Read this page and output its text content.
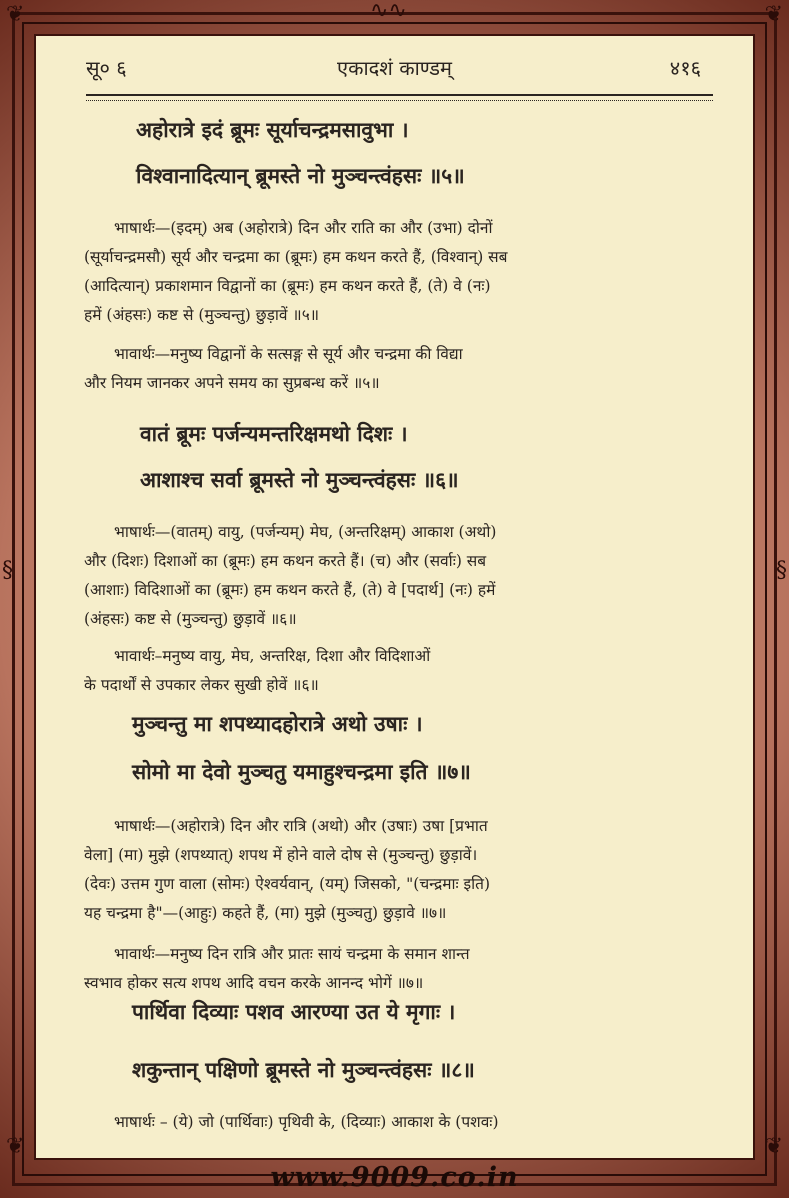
❦	❦
❦	❦
∿∿
§	§
सू० ६	एकादशं काण्डम्	४१६
अहोरात्रे इदं ब्रूमः सूर्याचन्द्रमसावुभा ।
विश्वानादित्यान् ब्रूमस्ते नो मुञ्चन्त्वंहसः ॥५॥
भाषार्थः—(इदम्) अब (अहोरात्रे) दिन और राति का और (उभा) दोनों
(सूर्याचन्द्रमसौ) सूर्य और चन्द्रमा का (ब्रूमः) हम कथन करते हैं, (विश्वान्) सब
(आदित्यान्) प्रकाशमान विद्वानों का (ब्रूमः) हम कथन करते हैं, (ते) वे (नः)
हमें (अंहसः) कष्ट से (मुञ्चन्तु) छुड़ावें ॥५॥
भावार्थः—मनुष्य विद्वानों के सत्सङ्ग से सूर्य और चन्द्रमा की विद्या
और नियम जानकर अपने समय का सुप्रबन्ध करें ॥५॥
वातं ब्रूमः पर्जन्यमन्तरिक्षमथो दिशः ।
आशाश्च सर्वा ब्रूमस्ते नो मुञ्चन्त्वंहसः ॥६॥
भाषार्थः—(वातम्) वायु, (पर्जन्यम्) मेघ, (अन्तरिक्षम्) आकाश (अथो)
और (दिशः) दिशाओं का (ब्रूमः) हम कथन करते हैं। (च) और (सर्वाः) सब
(आशाः) विदिशाओं का (ब्रूमः) हम कथन करते हैं, (ते) वे [पदार्थ] (नः) हमें
(अंहसः) कष्ट से (मुञ्चन्तु) छुड़ावें ॥६॥
भावार्थः–मनुष्य वायु, मेघ, अन्तरिक्ष, दिशा और विदिशाओं
के पदार्थों से उपकार लेकर सुखी होवें ॥६॥
मुञ्चन्तु मा शपथ्यादहोरात्रे अथो उषाः ।
सोमो मा देवो मुञ्चतु यमाहुश्चन्द्रमा इति ॥७॥
भाषार्थः—(अहोरात्रे) दिन और रात्रि (अथो) और (उषाः) उषा [प्रभात
वेला] (मा) मुझे (शपथ्यात्) शपथ में होने वाले दोष से (मुञ्चन्तु) छुड़ावें।
(देवः) उत्तम गुण वाला (सोमः) ऐश्वर्यवान्, (यम्) जिसको, "(चन्द्रमाः इति)
यह चन्द्रमा है"—(आहुः) कहते हैं, (मा) मुझे (मुञ्चतु) छुड़ावे ॥७॥
भावार्थः—मनुष्य दिन रात्रि और प्रातः सायं चन्द्रमा के समान शान्त
स्वभाव होकर सत्य शपथ आदि वचन करके आनन्द भोगें ॥७॥
पार्थिवा दिव्याः पशव आरण्या उत ये मृगाः ।
शकुन्तान् पक्षिणो ब्रूमस्ते नो मुञ्चन्त्वंहसः ॥८॥
भाषार्थः – (ये) जो (पार्थिवाः) पृथिवी के, (दिव्याः) आकाश के (पशवः)
www.9009.co.in
